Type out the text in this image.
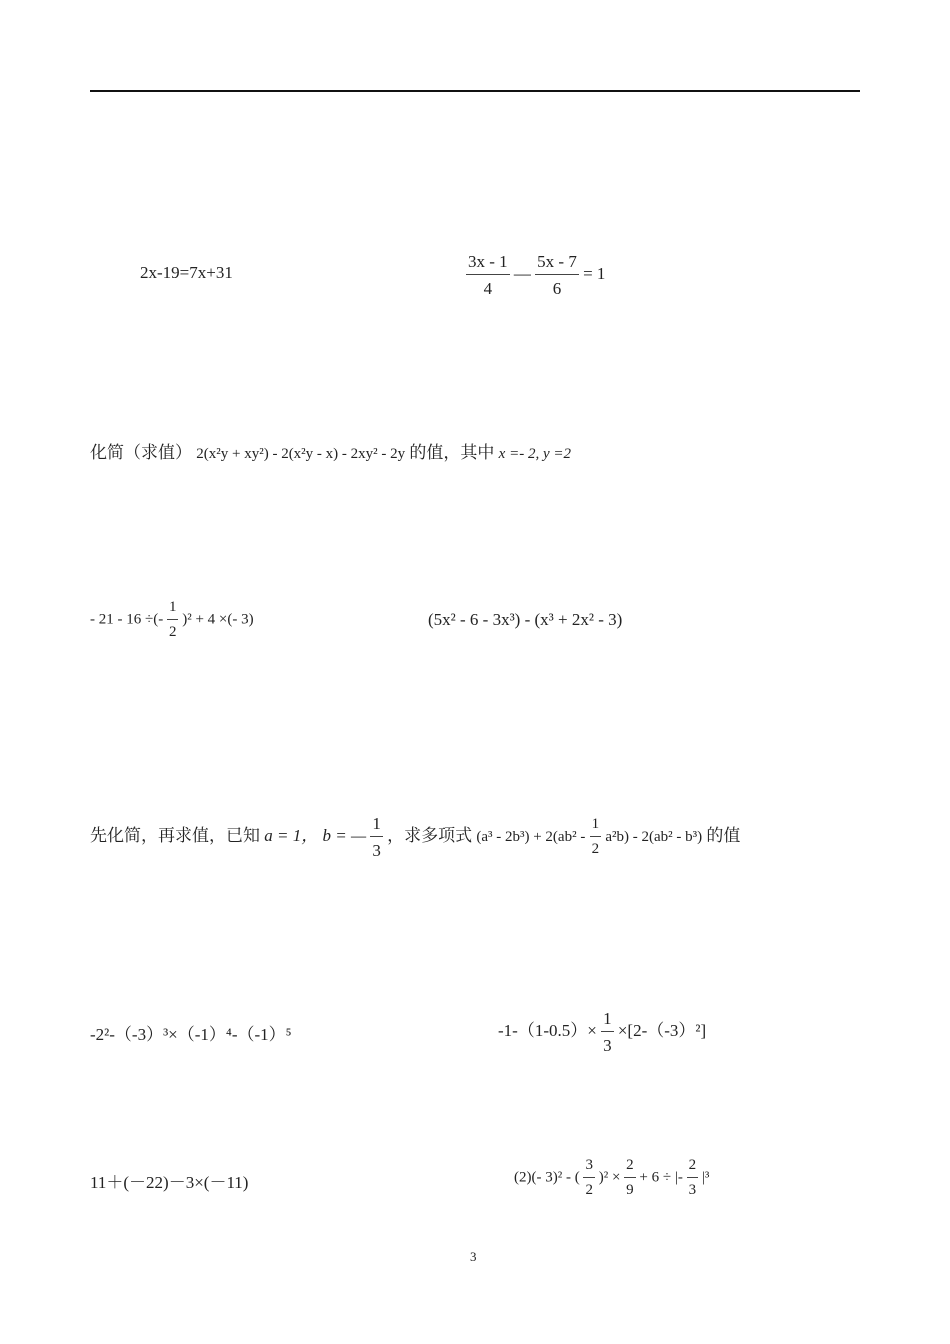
2x-19=7x+31	$\frac{3x - 1}{4}$ — $\frac{5x - 7}{6} = 1$
化简（求值） 2(x²y + xy²) - 2(x²y - x) - 2xy² - 2y 的值，其中 x =- 2, y =2
- 21 - 16 ÷(- $\frac{1}{2} )^2 + 4$ ×(- 3)	(5x² - 6 - 3x³) - (x³ + 2x² - 3)
先化简，再求值，已知 a = 1， b = — $\frac{1}{3}$ ，求多项式 $(a^3 - 2b^3) + 2(ab^2 - \frac{1}{2} a^2b) - 2(ab^2 - b^3)$ 的值
-2²-（-3）³×（-1）⁴-（-1）⁵	$-1-(1-0.5)\times \frac{1}{3} \times[2-(-3)^2]$
11＋(－22)－3×(－11)	(2)(- 3)² - ( $\frac{3}{2} )^2 \times \frac{2}{9} + 6$ ÷ |- $\frac{2}{3} |^3$
3
